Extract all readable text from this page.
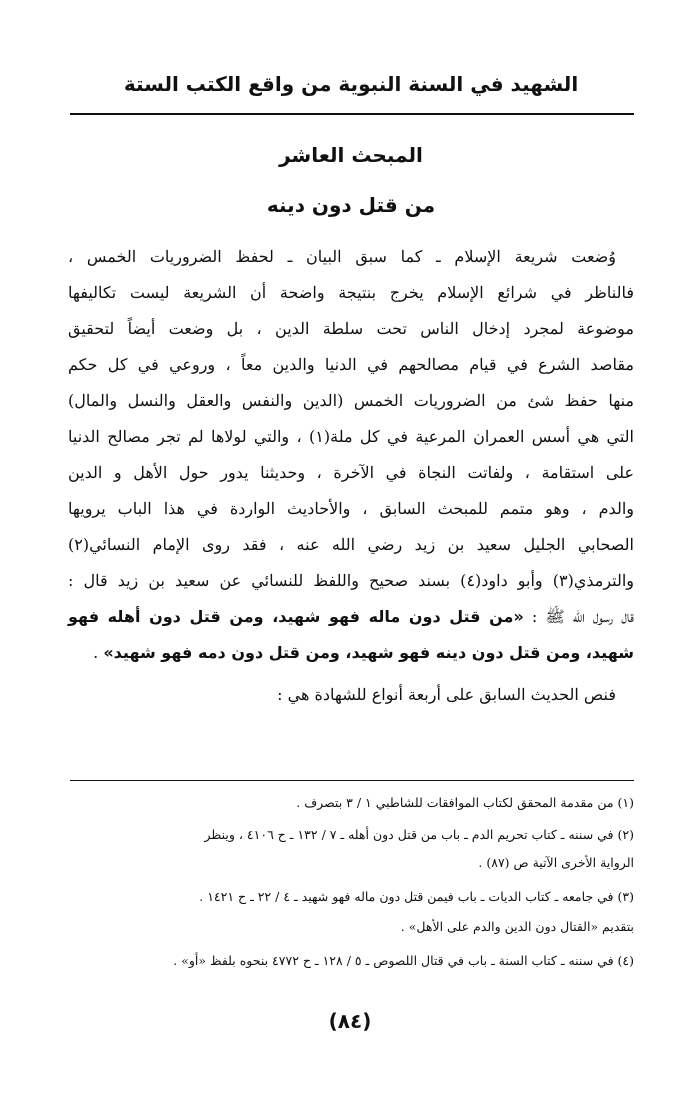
الشهيد في السنة النبوية من واقع الكتب الستة
المبحث العاشر
من قتل دون دينه
وُضعت شريعة الإسلام ـ كما سبق البيان ـ لحفظ الضروريات الخمس ،
فالناظر في شرائع الإسلام يخرج بنتيجة واضحة أن الشريعة ليست تكاليفها
موضوعة لمجرد إدخال الناس تحت سلطة الدين ، بل وضعت أيضاً لتحقيق
مقاصد الشرع في قيام مصالحهم في الدنيا والدين معاً ، وروعي في كل حكم
منها حفظ شئ من الضروريات الخمس (الدين والنفس والعقل والنسل والمال)
التي هي أسس العمران المرعية في كل ملة(١) ، والتي لولاها لم تجر مصالح الدنيا
على استقامة ، ولفاتت النجاة في الآخرة ، وحديثنا يدور حول الأهل و الدين
والدم ، وهو متمم للمبحث السابق ، والأحاديث الواردة في هذا الباب يرويها
الصحابي الجليل سعيد بن زيد رضي الله عنه ، فقد روى الإمام النسائي(٢)
والترمذي(٣) وأبو داود(٤) بسند صحيح واللفظ للنسائي عن سعيد بن زيد قال :
قال رسول الله ﷺ : «من قتل دون ماله فهو شهيد، ومن قتل دون أهله فهو
شهيد، ومن قتل دون دينه فهو شهيد، ومن قتل دون دمه فهو شهيد» .
فنص الحديث السابق على أربعة أنواع للشهادة هي :
(١) من مقدمة المحقق لكتاب الموافقات للشاطبي ١ / ٣ بتصرف .
(٢) في سننه ـ كتاب تحريم الدم ـ باب من قتل دون أهله ـ ٧ / ١٣٢ ـ ح ٤١٠٦ ، وينظر
الرواية الأخرى الآتية ص (٨٧) .
(٣) في جامعه ـ كتاب الديات ـ باب فيمن قتل دون ماله فهو شهيد ـ ٤ / ٢٢ ـ ح ١٤٢١ .
بتقديم «القتال دون الدين والدم على الأهل» .
(٤) في سننه ـ كتاب السنة ـ باب في قتال اللصوص ـ ٥ / ١٢٨ ـ ح ٤٧٧٢ بنحوه بلفظ «أو» .
(٨٤)
